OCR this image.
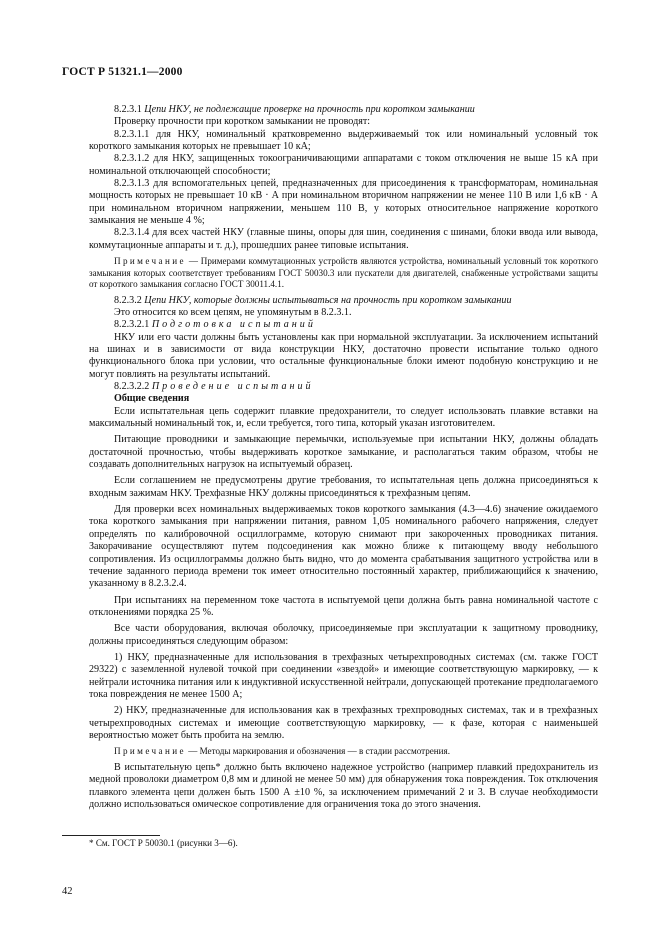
ГОСТ Р 51321.1—2000

8.2.3.1 Цепи НКУ, не подлежащие проверке на прочность при коротком замыкании

Проверку прочности при коротком замыкании не проводят:

8.2.3.1.1 для НКУ, номинальный кратковременно выдерживаемый ток или номинальный условный ток короткого замыкания которых не превышает 10 кА;

8.2.3.1.2 для НКУ, защищенных токоограничивающими аппаратами с током отключения не выше 15 кА при номинальной отключающей способности;

8.2.3.1.3 для вспомогательных цепей, предназначенных для присоединения к трансформаторам, номинальная мощность которых не превышает 10 кВ · А при номинальном вторичном напряжении не менее 110 В или 1,6 кВ · А при номинальном вторичном напряжении, меньшем 110 В, у которых относительное напряжение короткого замыкания не меньше 4 %;

8.2.3.1.4 для всех частей НКУ (главные шины, опоры для шин, соединения с шинами, блоки ввода или вывода, коммутационные аппараты и т. д.), прошедших ранее типовые испытания.

Примечание — Примерами коммутационных устройств являются устройства, номинальный условный ток короткого замыкания которых соответствует требованиям ГОСТ 50030.3 или пускатели для двигателей, снабженные устройствами защиты от короткого замыкания согласно ГОСТ 30011.4.1.

8.2.3.2 Цепи НКУ, которые должны испытываться на прочность при коротком замыкании

Это относится ко всем цепям, не упомянутым в 8.2.3.1.

8.2.3.2.1 Подготовка испытаний

НКУ или его части должны быть установлены как при нормальной эксплуатации. За исключением испытаний на шинах и в зависимости от вида конструкции НКУ, достаточно провести испытание только одного функционального блока при условии, что остальные функциональные блоки имеют подобную конструкцию и не могут повлиять на результаты испытаний.

8.2.3.2.2 Проведение испытаний

Общие сведения

Если испытательная цепь содержит плавкие предохранители, то следует использовать плавкие вставки на максимальный номинальный ток, и, если требуется, того типа, который указан изготовителем.

Питающие проводники и замыкающие перемычки, используемые при испытании НКУ, должны обладать достаточной прочностью, чтобы выдерживать короткое замыкание, и располагаться таким образом, чтобы не создавать дополнительных нагрузок на испытуемый образец.

Если соглашением не предусмотрены другие требования, то испытательная цепь должна присоединяться к входным зажимам НКУ. Трехфазные НКУ должны присоединяться к трехфазным цепям.

Для проверки всех номинальных выдерживаемых токов короткого замыкания (4.3—4.6) значение ожидаемого тока короткого замыкания при напряжении питания, равном 1,05 номинального рабочего напряжения, следует определять по калибровочной осциллограмме, которую снимают при закороченных проводниках питания. Закорачивание осуществляют путем подсоединения как можно ближе к питающему вводу небольшого сопротивления. Из осциллограммы должно быть видно, что до момента срабатывания защитного устройства или в течение заданного периода времени ток имеет относительно постоянный характер, приближающийся к значению, указанному в 8.2.3.2.4.

При испытаниях на переменном токе частота в испытуемой цепи должна быть равна номинальной частоте с отклонениями порядка 25 %.

Все части оборудования, включая оболочку, присоединяемые при эксплуатации к защитному проводнику, должны присоединяться следующим образом:

1) НКУ, предназначенные для использования в трехфазных четырехпроводных системах (см. также ГОСТ 29322) с заземленной нулевой точкой при соединении «звездой» и имеющие соответствующую маркировку, — к нейтрали источника питания или к индуктивной искусственной нейтрали, допускающей протекание предполагаемого тока повреждения не менее 1500 А;

2) НКУ, предназначенные для использования как в трехфазных трехпроводных системах, так и в трехфазных четырехпроводных системах и имеющие соответствующую маркировку, — к фазе, которая с наименьшей вероятностью может быть пробита на землю.

Примечание — Методы маркирования и обозначения — в стадии рассмотрения.

В испытательную цепь* должно быть включено надежное устройство (например плавкий предохранитель из медной проволоки диаметром 0,8 мм и длиной не менее 50 мм) для обнаружения тока повреждения. Ток отключения плавкого элемента цепи должен быть 1500 А ±10 %, за исключением примечаний 2 и 3. В случае необходимости должно использоваться омическое сопротивление для ограничения тока до этого значения.

* См. ГОСТ Р 50030.1 (рисунки 3—6).
42
